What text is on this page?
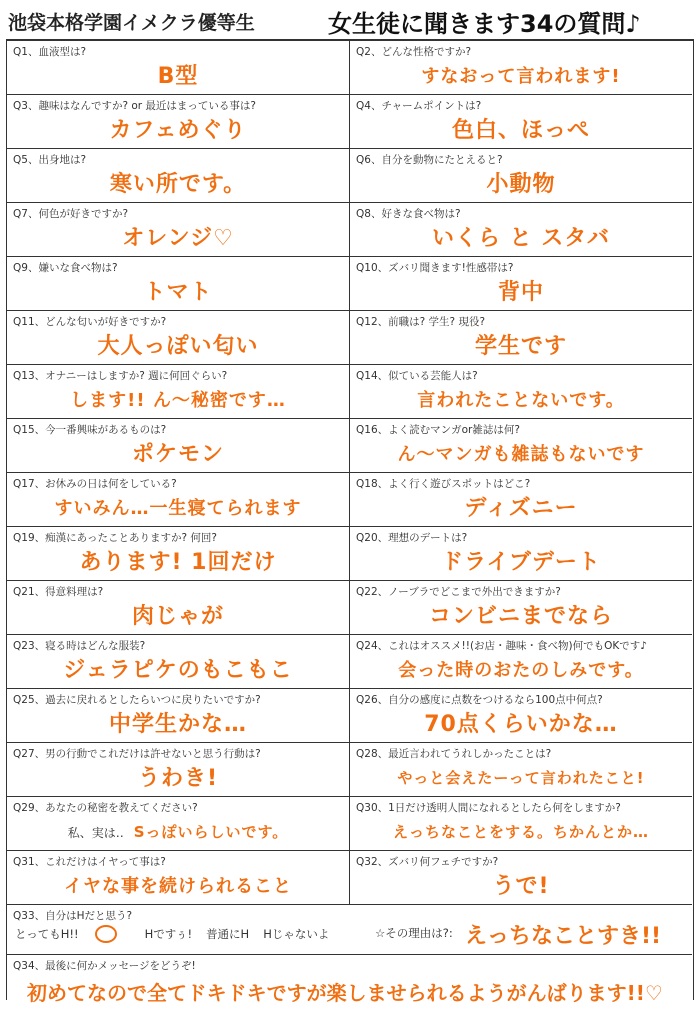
池袋本格学園イメクラ優等生	女生徒に聞きます34の質問♪
Q1、血液型は?
B型
Q2、どんな性格ですか?
すなおって言われます!
Q3、趣味はなんですか? or 最近はまっている事は?
カフェめぐり
Q4、チャームポイントは?
色白、ほっぺ
Q5、出身地は?
寒い所です。
Q6、自分を動物にたとえると?
小動物
Q7、何色が好きですか?
オレンジ♡
Q8、好きな食べ物は?
いくら と スタバ
Q9、嫌いな食べ物は?
トマト
Q10、ズバリ聞きます!性感帯は?
背中
Q11、どんな匂いが好きですか?
大人っぽい匂い
Q12、前職は? 学生? 現役?
学生です
Q13、オナニーはしますか? 週に何回ぐらい?
します!! ん〜秘密です…
Q14、似ている芸能人は?
言われたことないです。
Q15、今一番興味があるものは?
ポケモン
Q16、よく読むマンガor雑誌は何?
ん〜マンガも雑誌もないです
Q17、お休みの日は何をしている?
すいみん…一生寝てられます
Q18、よく行く遊びスポットはどこ?
ディズニー
Q19、痴漢にあったことありますか? 何回?
あります! 1回だけ
Q20、理想のデートは?
ドライブデート
Q21、得意料理は?
肉じゃが
Q22、ノーブラでどこまで外出できますか?
コンビニまでなら
Q23、寝る時はどんな服装?
ジェラピケのもこもこ
Q24、これはオススメ!!(お店・趣味・食べ物)何でもOKです♪
会った時のおたのしみです。
Q25、過去に戻れるとしたらいつに戻りたいですか?
中学生かな…
Q26、自分の感度に点数をつけるなら100点中何点?
70点くらいかな…
Q27、男の行動でこれだけは許せないと思う行動は?
うわき!
Q28、最近言われてうれしかったことは?
やっと会えたーって言われたこと!
Q29、あなたの秘密を教えてください?
私、実は‥ Sっぽいらしいです。
Q30、1日だけ透明人間になれるとしたら何をしますか?
えっちなことをする。ちかんとか…
Q31、これだけはイヤって事は?
イヤな事を続けられること
Q32、ズバリ何フェチですか?
うで!
Q33、自分はHだと思う?
とってもH!!	Hですぅ! 普通にH Hじゃないよ	☆その理由は?: えっちなことすき!!
Q34、最後に何かメッセージをどうぞ!
初めてなので全てドキドキですが楽しませられるようがんばります!!♡
